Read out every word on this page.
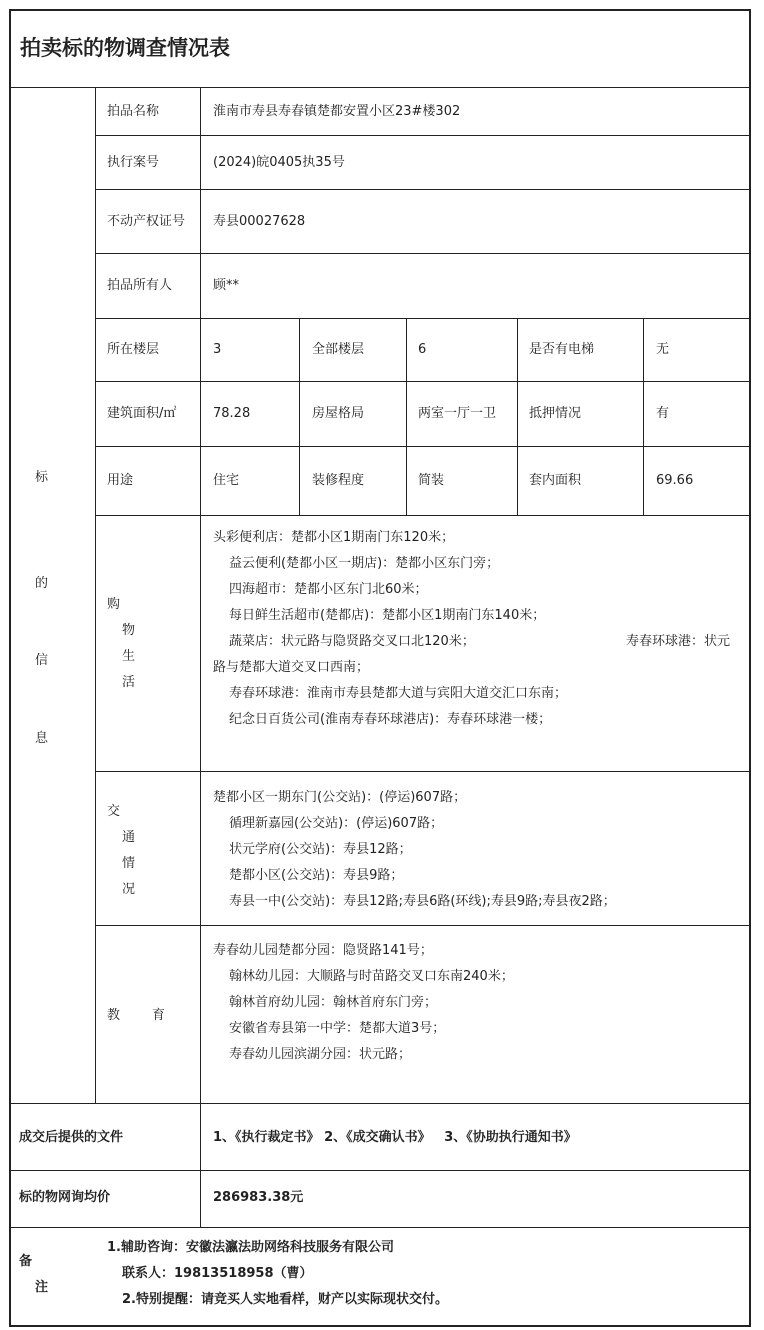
拍卖标的物调查情况表
标
的
信
息
拍品名称	淮南市寿县寿春镇楚都安置小区23#楼302
执行案号	(2024)皖0405执35号
不动产权证号 寿县00027628
拍品所有人	顾**
所在楼层	3	全部楼层	6	是否有电梯	无
建筑面积/㎡	78.28	房屋格局	两室一厅一卫	抵押情况	有
用途	住宅	装修程度	简装	套内面积	69.66
购
物
生
活
头彩便利店：楚都小区1期南门东120米；
益云便利(楚都小区一期店)：楚都小区东门旁；
四海超市：楚都小区东门北60米；
每日鲜生活超市(楚都店)：楚都小区1期南门东140米；
蔬菜店：状元路与隐贤路交叉口北120米；	寿春环球港：状元
路与楚都大道交叉口西南；
寿春环球港：淮南市寿县楚都大道与宾阳大道交汇口东南；
纪念日百货公司(淮南寿春环球港店)：寿春环球港一楼；
交
通
情
况
楚都小区一期东门(公交站)：(停运)607路；
循理新嘉园(公交站)：(停运)607路；
状元学府(公交站)：寿县12路；
楚都小区(公交站)：寿县9路；
寿县一中(公交站)：寿县12路;寿县6路(环线);寿县9路;寿县夜2路；
教 育
寿春幼儿园楚都分园：隐贤路141号；
翰林幼儿园：大顺路与时苗路交叉口东南240米；
翰林首府幼儿园：翰林首府东门旁；
安徽省寿县第一中学：楚都大道3号；
寿春幼儿园滨湖分园：状元路；
成交后提供的文件	1、《执行裁定书》 2、《成交确认书》   3、《协助执行通知书》
标的物网询均价	286983.38元
备
注
1.辅助咨询：安徽法瀛法助网络科技服务有限公司
联系人：19813518958（曹）
2.特别提醒：请竞买人实地看样，财产以实际现状交付。
